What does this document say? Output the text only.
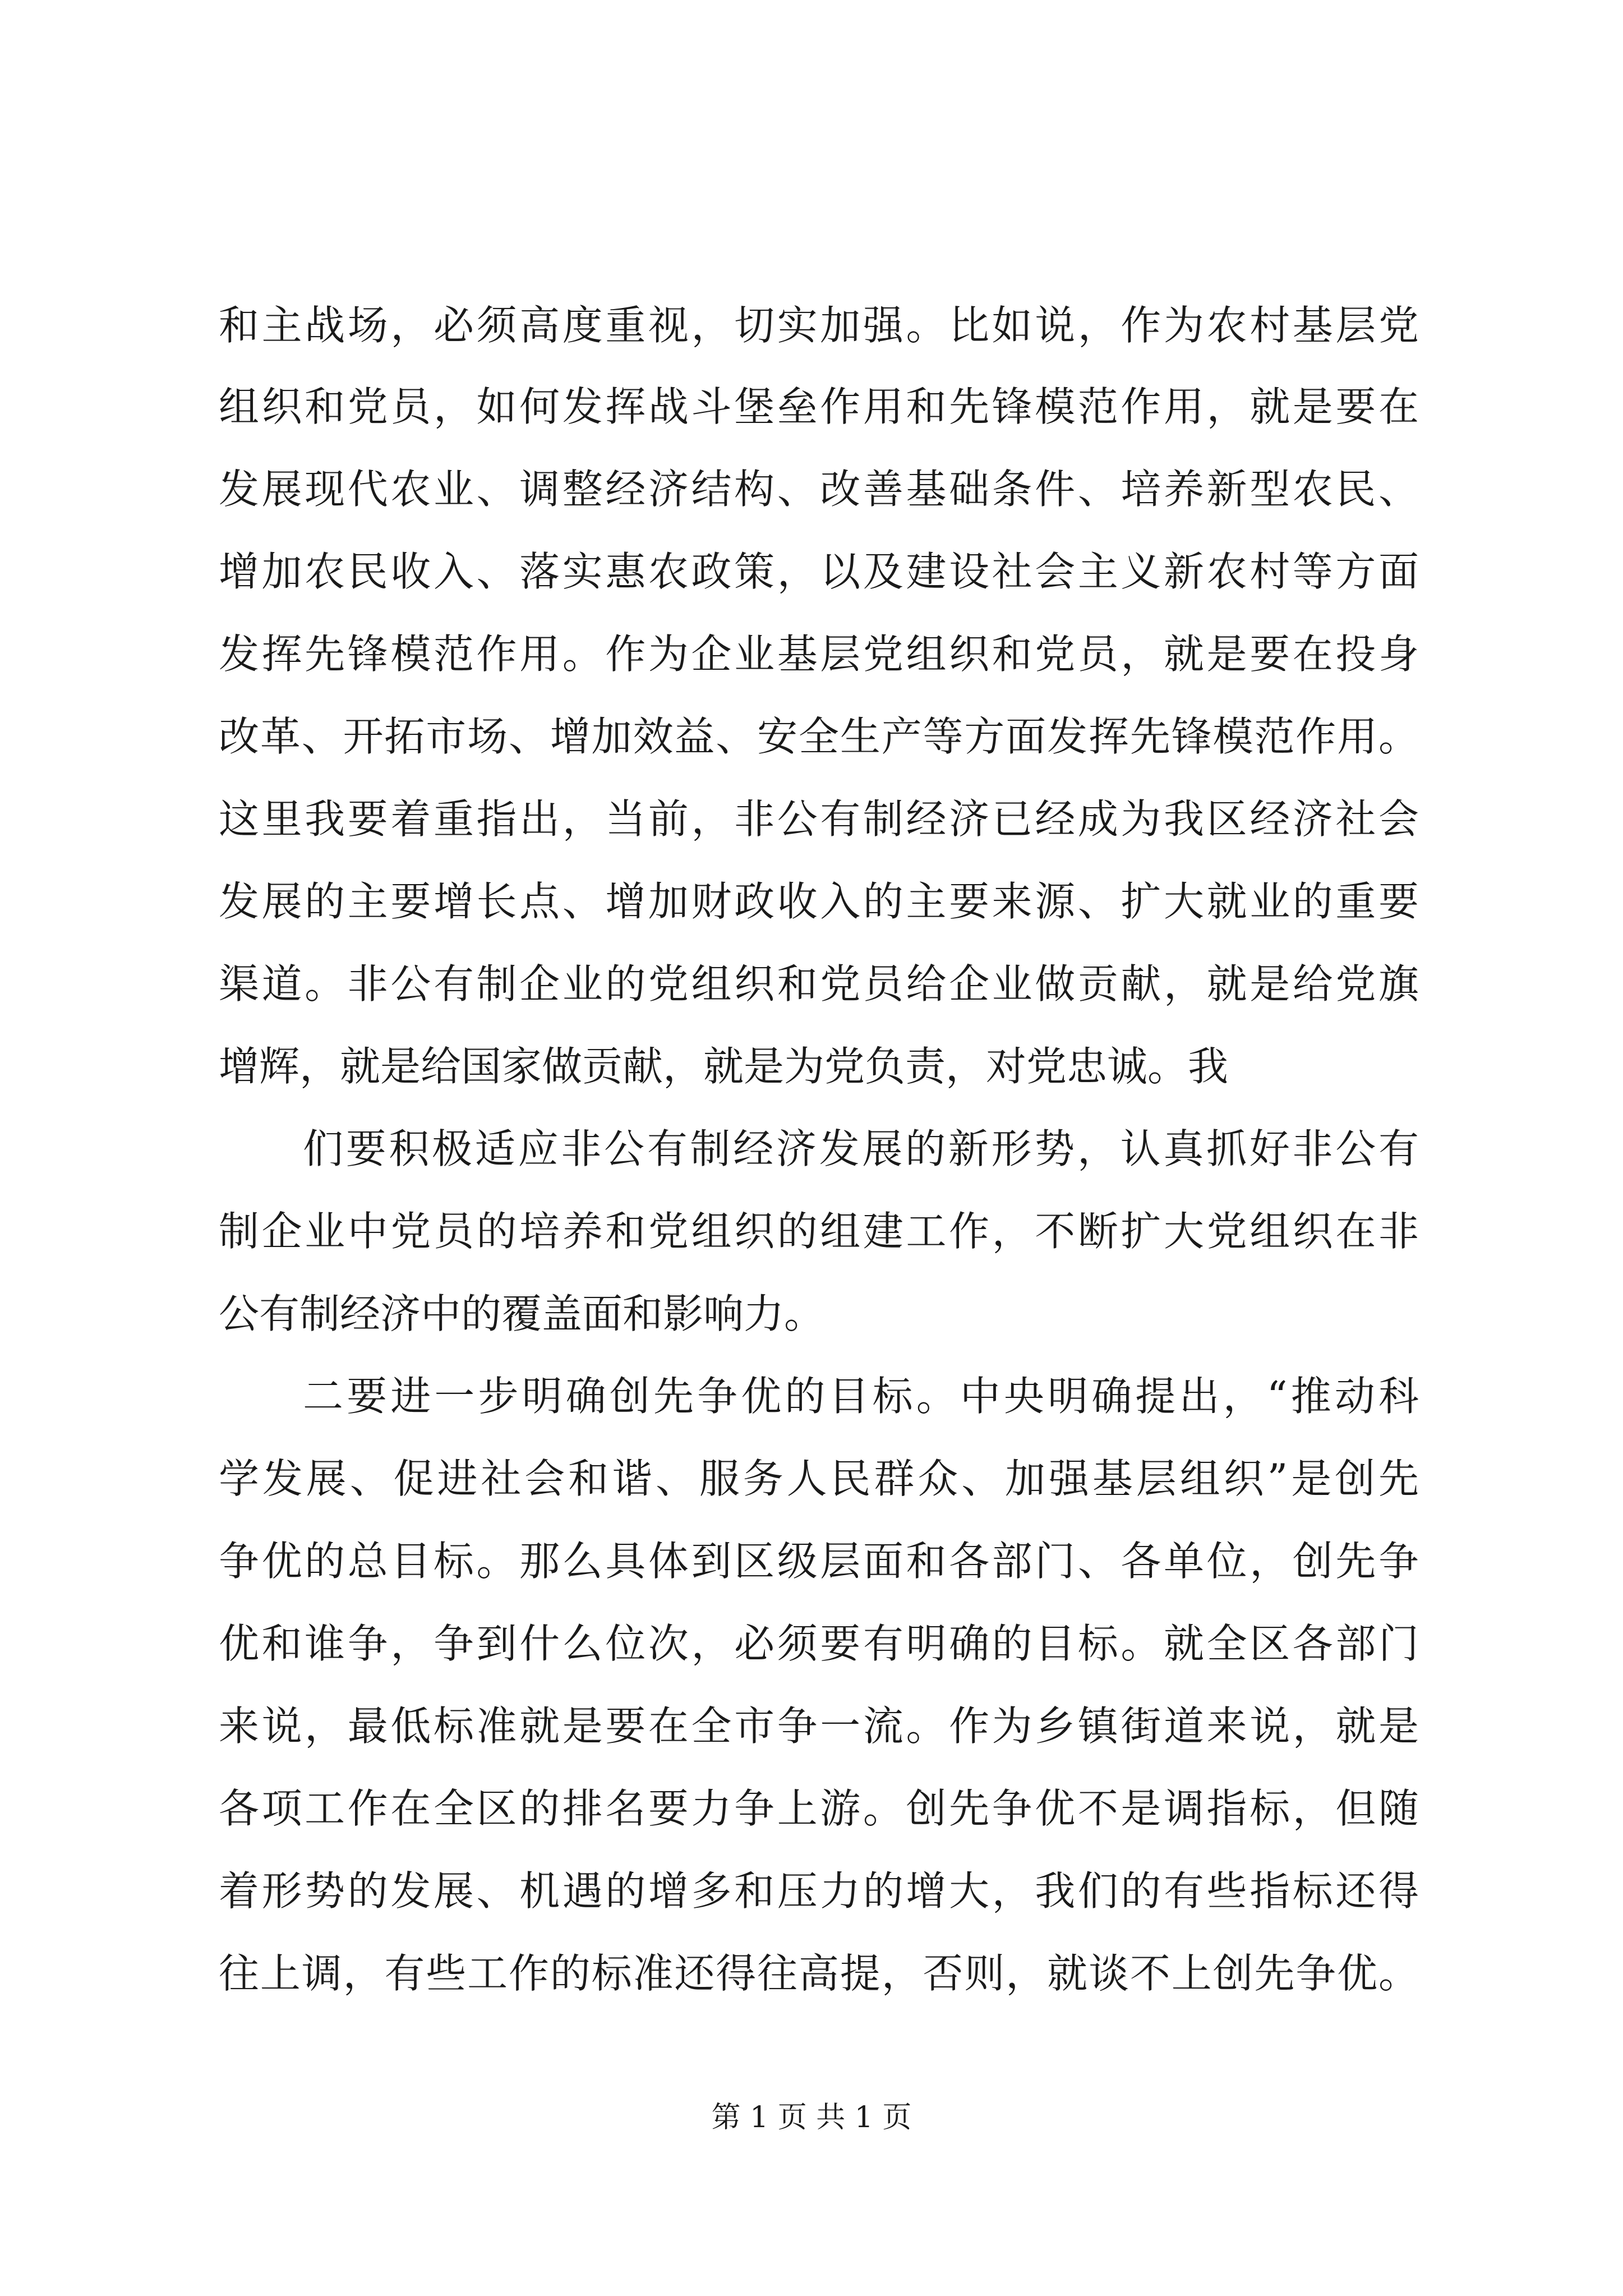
和主战场，必须高度重视，切实加强。比如说，作为农村基层党
组织和党员，如何发挥战斗堡垒作用和先锋模范作用，就是要在
发展现代农业、调整经济结构、改善基础条件、培养新型农民、
增加农民收入、落实惠农政策，以及建设社会主义新农村等方面
发挥先锋模范作用。作为企业基层党组织和党员，就是要在投身
改革、开拓市场、增加效益、安全生产等方面发挥先锋模范作用。
这里我要着重指出，当前，非公有制经济已经成为我区经济社会
发展的主要增长点、增加财政收入的主要来源、扩大就业的重要
渠道。非公有制企业的党组织和党员给企业做贡献，就是给党旗
增辉，就是给国家做贡献，就是为党负责，对党忠诚。我
们要积极适应非公有制经济发展的新形势，认真抓好非公有
制企业中党员的培养和党组织的组建工作，不断扩大党组织在非
公有制经济中的覆盖面和影响力。
二要进一步明确创先争优的目标。中央明确提出，“推动科
学发展、促进社会和谐、服务人民群众、加强基层组织”是创先
争优的总目标。那么具体到区级层面和各部门、各单位，创先争
优和谁争，争到什么位次，必须要有明确的目标。就全区各部门
来说，最低标准就是要在全市争一流。作为乡镇街道来说，就是
各项工作在全区的排名要力争上游。创先争优不是调指标，但随
着形势的发展、机遇的增多和压力的增大，我们的有些指标还得
往上调，有些工作的标准还得往高提，否则，就谈不上创先争优。
第 1 页 共 1 页
